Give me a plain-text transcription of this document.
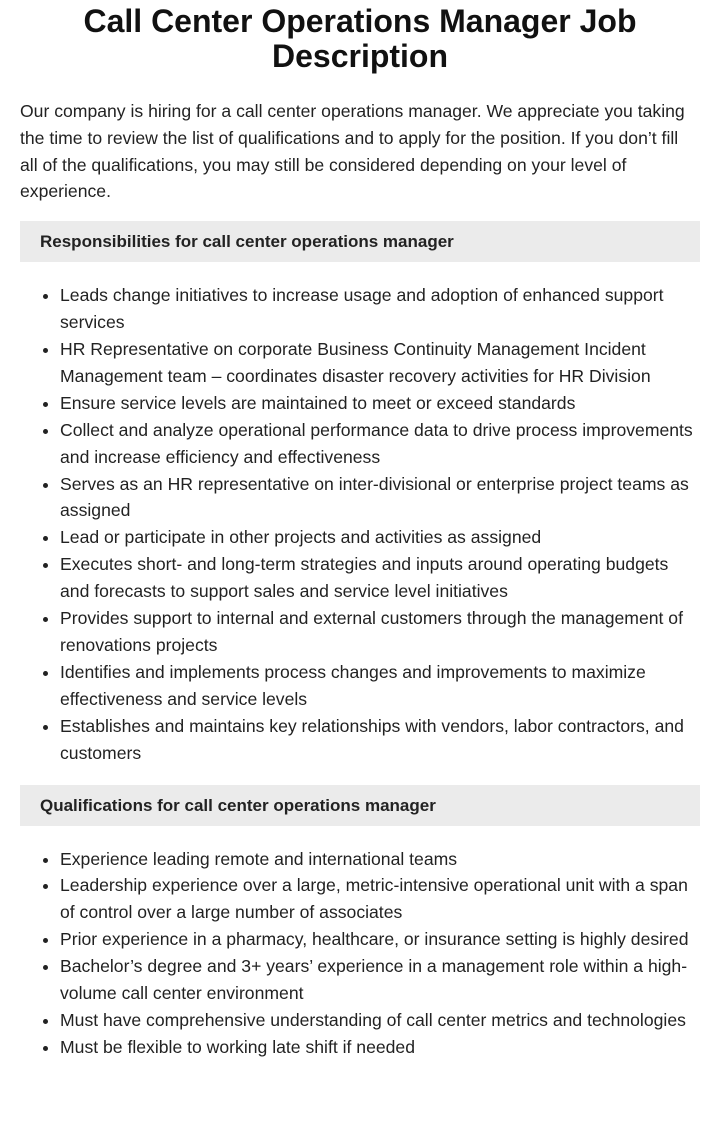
Call Center Operations Manager Job Description

Our company is hiring for a call center operations manager. We appreciate you taking the time to review the list of qualifications and to apply for the position. If you don’t fill all of the qualifications, you may still be considered depending on your level of experience.

Responsibilities for call center operations manager
• Leads change initiatives to increase usage and adoption of enhanced support services
• HR Representative on corporate Business Continuity Management Incident Management team – coordinates disaster recovery activities for HR Division
• Ensure service levels are maintained to meet or exceed standards
• Collect and analyze operational performance data to drive process improvements and increase efficiency and effectiveness
• Serves as an HR representative on inter-divisional or enterprise project teams as assigned
• Lead or participate in other projects and activities as assigned
• Executes short- and long-term strategies and inputs around operating budgets and forecasts to support sales and service level initiatives
• Provides support to internal and external customers through the management of renovations projects
• Identifies and implements process changes and improvements to maximize effectiveness and service levels
• Establishes and maintains key relationships with vendors, labor contractors, and customers
Qualifications for call center operations manager
• Experience leading remote and international teams
• Leadership experience over a large, metric-intensive operational unit with a span of control over a large number of associates
• Prior experience in a pharmacy, healthcare, or insurance setting is highly desired
• Bachelor’s degree and 3+ years’ experience in a management role within a high-volume call center environment
• Must have comprehensive understanding of call center metrics and technologies
• Must be flexible to working late shift if needed
